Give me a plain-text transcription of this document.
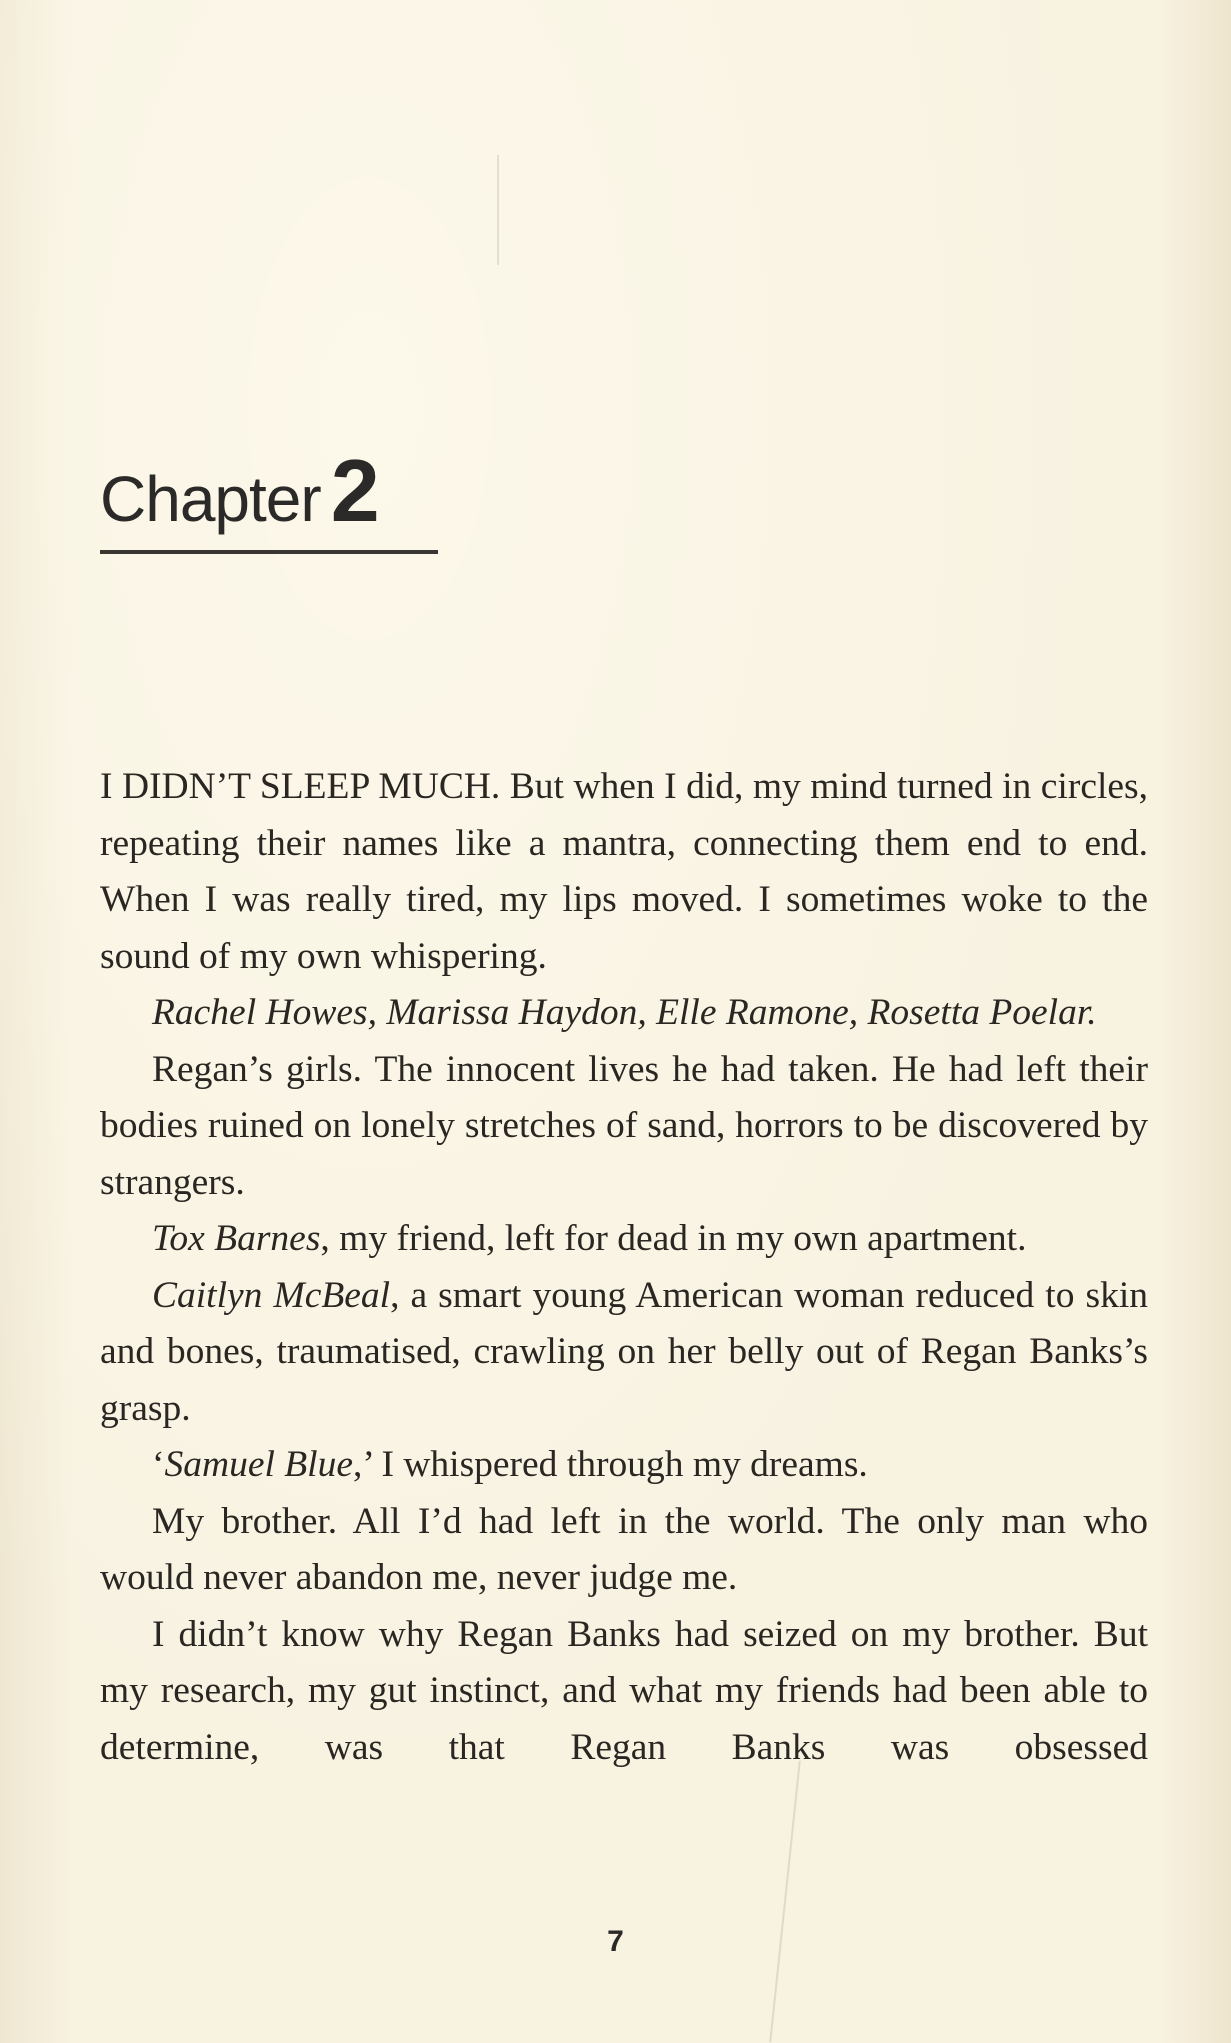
Chapter 2

I DIDN’T SLEEP MUCH. But when I did, my mind turned in circles, repeating their names like a mantra, connecting them end to end. When I was really tired, my lips moved. I sometimes woke to the sound of my own whispering.

Rachel Howes, Marissa Haydon, Elle Ramone, Rosetta Poelar.

Regan’s girls. The innocent lives he had taken. He had left their bodies ruined on lonely stretches of sand, horrors to be discovered by strangers.

Tox Barnes, my friend, left for dead in my own apartment.

Caitlyn McBeal, a smart young American woman reduced to skin and bones, traumatised, crawling on her belly out of Regan Banks’s grasp.

‘Samuel Blue,’ I whispered through my dreams.

My brother. All I’d had left in the world. The only man who would never abandon me, never judge me.

I didn’t know why Regan Banks had seized on my brother. But my research, my gut instinct, and what my friends had been able to determine, was that Regan Banks was obsessed

7
